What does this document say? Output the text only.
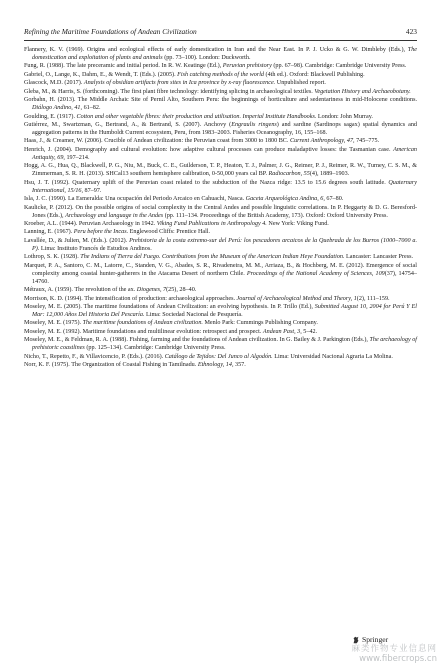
Refining the Maritime Foundations of Andean Civilization	423
Flannery, K. V. (1969). Origins and ecological effects of early domestication in Iran and the Near East. In P. J. Ucko & G. W. Dimbleby (Eds.), The domestication and exploitation of plants and animals (pp. 73–100). London: Duckworth.
Fung, R. (1988). The late preceramic and initial period. In R. W. Keatinge (Ed.), Peruvian prehistory (pp. 67–98). Cambridge: Cambridge University Press.
Gabriel, O., Lange, K., Dahm, E., & Wendt, T. (Eds.). (2005). Fish catching methods of the world (4th ed.). Oxford: Blackwell Publishing.
Glascock, M.D. (2017). Analysis of obsidian artifacts from sites in Ica province by x-ray fluorescence. Unpublished report.
Gleba, M., & Harris, S. (forthcoming). The first plant fibre technology: identifying splicing in archaeological textiles. Vegetation History and Archaeobotany.
Gorbahn, H. (2013). The Middle Archaic Site of Pernil Alto, Southern Peru: the beginnings of horticulture and sedentariness in mid-Holocene conditions. Diálogo Andino, 41, 61–82.
Goulding, E. (1917). Cotton and other vegetable fibres: their production and utilisation. Imperial Institute Handbooks. London: John Murray.
Gutiérrez, M., Swartzman, G., Bertrand, A., & Bertrand, S. (2007). Anchovy (Engraulis ringens) and sardine (Sardinops sagax) spatial dynamics and aggregation patterns in the Humboldt Current ecosystem, Peru, from 1983–2003. Fisheries Oceanography, 16, 155–168.
Haas, J., & Creamer, W. (2006). Crucible of Andean civilization: the Peruvian coast from 3000 to 1800 BC. Current Anthropology, 47, 745–775.
Henrich, J. (2004). Demography and cultural evolution: how adaptive cultural processes can produce maladaptive losses: the Tasmanian case. American Antiquity, 69, 197–214.
Hogg, A. G., Hua, Q., Blackwell, P. G., Niu, M., Buck, C. E., Guilderson, T. P., Heaton, T. J., Palmer, J. G., Reimer, P. J., Reimer, R. W., Turney, C. S. M., & Zimmerman, S. R. H. (2013). SHCal13 southern hemisphere calibration, 0-50,000 years cal BP. Radiocarbon, 55(4), 1889–1903.
Hsu, J. T. (1992). Quaternary uplift of the Peruvian coast related to the subduction of the Nazca ridge: 13.5 to 15.6 degrees south latitude. Quaternary International, 15/16, 87–97.
Isla, J. C. (1990). La Esmeralda: Una ocupación del Periodo Arcaico en Cahuachi, Nasca. Gaceta Arqueológica Andina, 6, 67–80.
Kaulicke, P. (2012). On the possible origins of social complexity in the Central Andes and possible linguistic correlations. In P. Heggarty & D. G. Beresford-Jones (Eds.), Archaeology and language in the Andes (pp. 111–134. Proceedings of the British Academy, 173). Oxford: Oxford University Press.
Kroeber, A.L. (1944). Peruvian Archaeology in 1942. Viking Fund Publications in Anthropology 4. New York: Viking Fund.
Lanning, E. (1967). Peru before the Incas. Englewood Cliffs: Prentice Hall.
Lavallée, D., & Julien, M. (Eds.). (2012). Prehistoria de la costa extremo-sur del Perú: los pescadores arcaicos de la Quebrada de los Burros (1000–7000 a. P). Lima: Instituto Francés de Estudios Andinos.
Lothrop, S. K. (1928). The Indians of Tierra del Fuego. Contributions from the Museum of the American Indian Heye Foundation. Lancaster: Lancaster Press.
Marquet, P. A., Santoro, C. M., Latorre, C., Standen, V. G., Abades, S. R., Rivadeneira, M. M., Arriaza, B., & Hochberg, M. E. (2012). Emergence of social complexity among coastal hunter-gatherers in the Atacama Desert of northern Chile. Proceedings of the National Academy of Sciences, 109(37), 14754–14760.
Métraux, A. (1959). The revolution of the ax. Diogenes, 7(25), 28–40.
Morrison, K. D. (1994). The intensification of production: archaeological approaches. Journal of Archaeological Method and Theory, 1(2), 111–159.
Moseley, M. E. (2005). The maritime foundations of Andean Civilization: an evolving hypothesis. In P. Trillo (Ed.), Submitted August 10, 2004 for Perú Y El Mar: 12,000 Años Del Historia Del Pescaría. Lima: Sociedad Nacional de Pesquería.
Moseley, M. E. (1975). The maritime foundations of Andean civilization. Menlo Park: Cummings Publishing Company.
Moseley, M. E. (1992). Maritime foundations and multilinear evolution: retrospect and prospect. Andean Past, 3, 5–42.
Moseley, M. E., & Feldman, R. A. (1988). Fishing, farming and the foundations of Andean civilization. In G. Bailey & J. Parkington (Eds.), The archaeology of prehistoric coastlines (pp. 125–134). Cambridge: Cambridge University Press.
Nicho, T., Repetto, F., & Villavicencio, P. (Eds.). (2016). Catálogo de Tejidos: Del Junco al Algodón. Lima: Universidad Nacional Agraria La Molina.
Norr, K. F. (1975). The Organization of Coastal Fishing in Tamilnadu. Ethnology, 14, 357.
Springer
麻类作物专业信息网
www.fibercrops.cn
